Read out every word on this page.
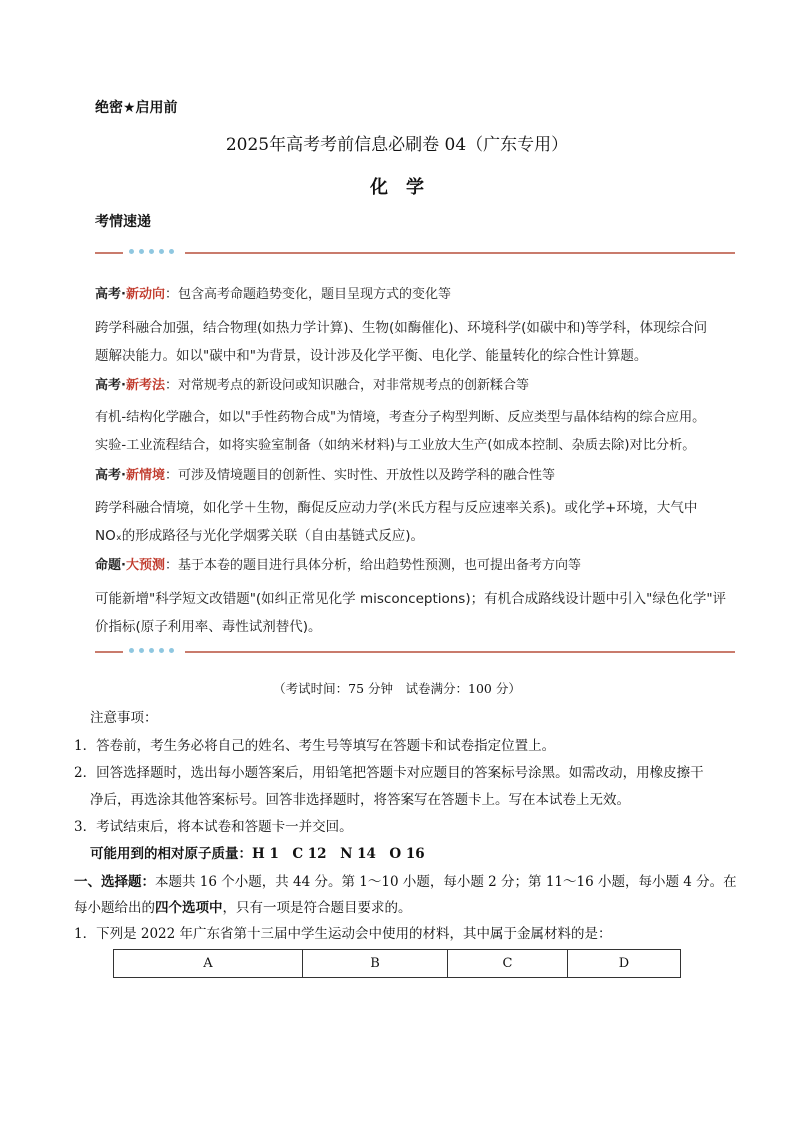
绝密★启用前
2025年高考考前信息必刷卷 04（广东专用）
化学
考情速递
高考·新动向：包含高考命题趋势变化，题目呈现方式的变化等
跨学科融合加强，结合物理(如热力学计算)、生物(如酶催化)、环境科学(如碳中和)等学科，体现综合问
题解决能力。如以"碳中和"为背景，设计涉及化学平衡、电化学、能量转化的综合性计算题。
高考·新考法：对常规考点的新设问或知识融合，对非常规考点的创新糅合等
有机-结构化学融合，如以"手性药物合成"为情境，考查分子构型判断、反应类型与晶体结构的综合应用。
实验-工业流程结合，如将实验室制备（如纳米材料)与工业放大生产(如成本控制、杂质去除)对比分析。
高考·新情境：可涉及情境题目的创新性、实时性、开放性以及跨学科的融合性等
跨学科融合情境，如化学＋生物，酶促反应动力学(米氏方程与反应速率关系)。或化学+环境，大气中
NOₓ的形成路径与光化学烟雾关联（自由基链式反应)。
命题·大预测：基于本卷的题目进行具体分析，给出趋势性预测，也可提出备考方向等
可能新增"科学短文改错题"(如纠正常见化学 misconceptions)；有机合成路线设计题中引入"绿色化学"评
价指标(原子利用率、毒性试剂替代)。
（考试时间：75 分钟　试卷满分：100 分）
注意事项：
1．答卷前，考生务必将自己的姓名、考生号等填写在答题卡和试卷指定位置上。
2．回答选择题时，选出每小题答案后，用铅笔把答题卡对应题目的答案标号涂黑。如需改动，用橡皮擦干
净后，再选涂其他答案标号。回答非选择题时，将答案写在答题卡上。写在本试卷上无效。
3．考试结束后，将本试卷和答题卡一并交回。
可能用到的相对原子质量：H 1　C 12　N 14　O 16
一、选择题：本题共 16 个小题，共 44 分。第 1～10 小题，每小题 2 分；第 11～16 小题，每小题 4 分。在
每小题给出的四个选项中，只有一项是符合题目要求的。
1．下列是 2022 年广东省第十三届中学生运动会中使用的材料，其中属于金属材料的是：
A	B	C	D
